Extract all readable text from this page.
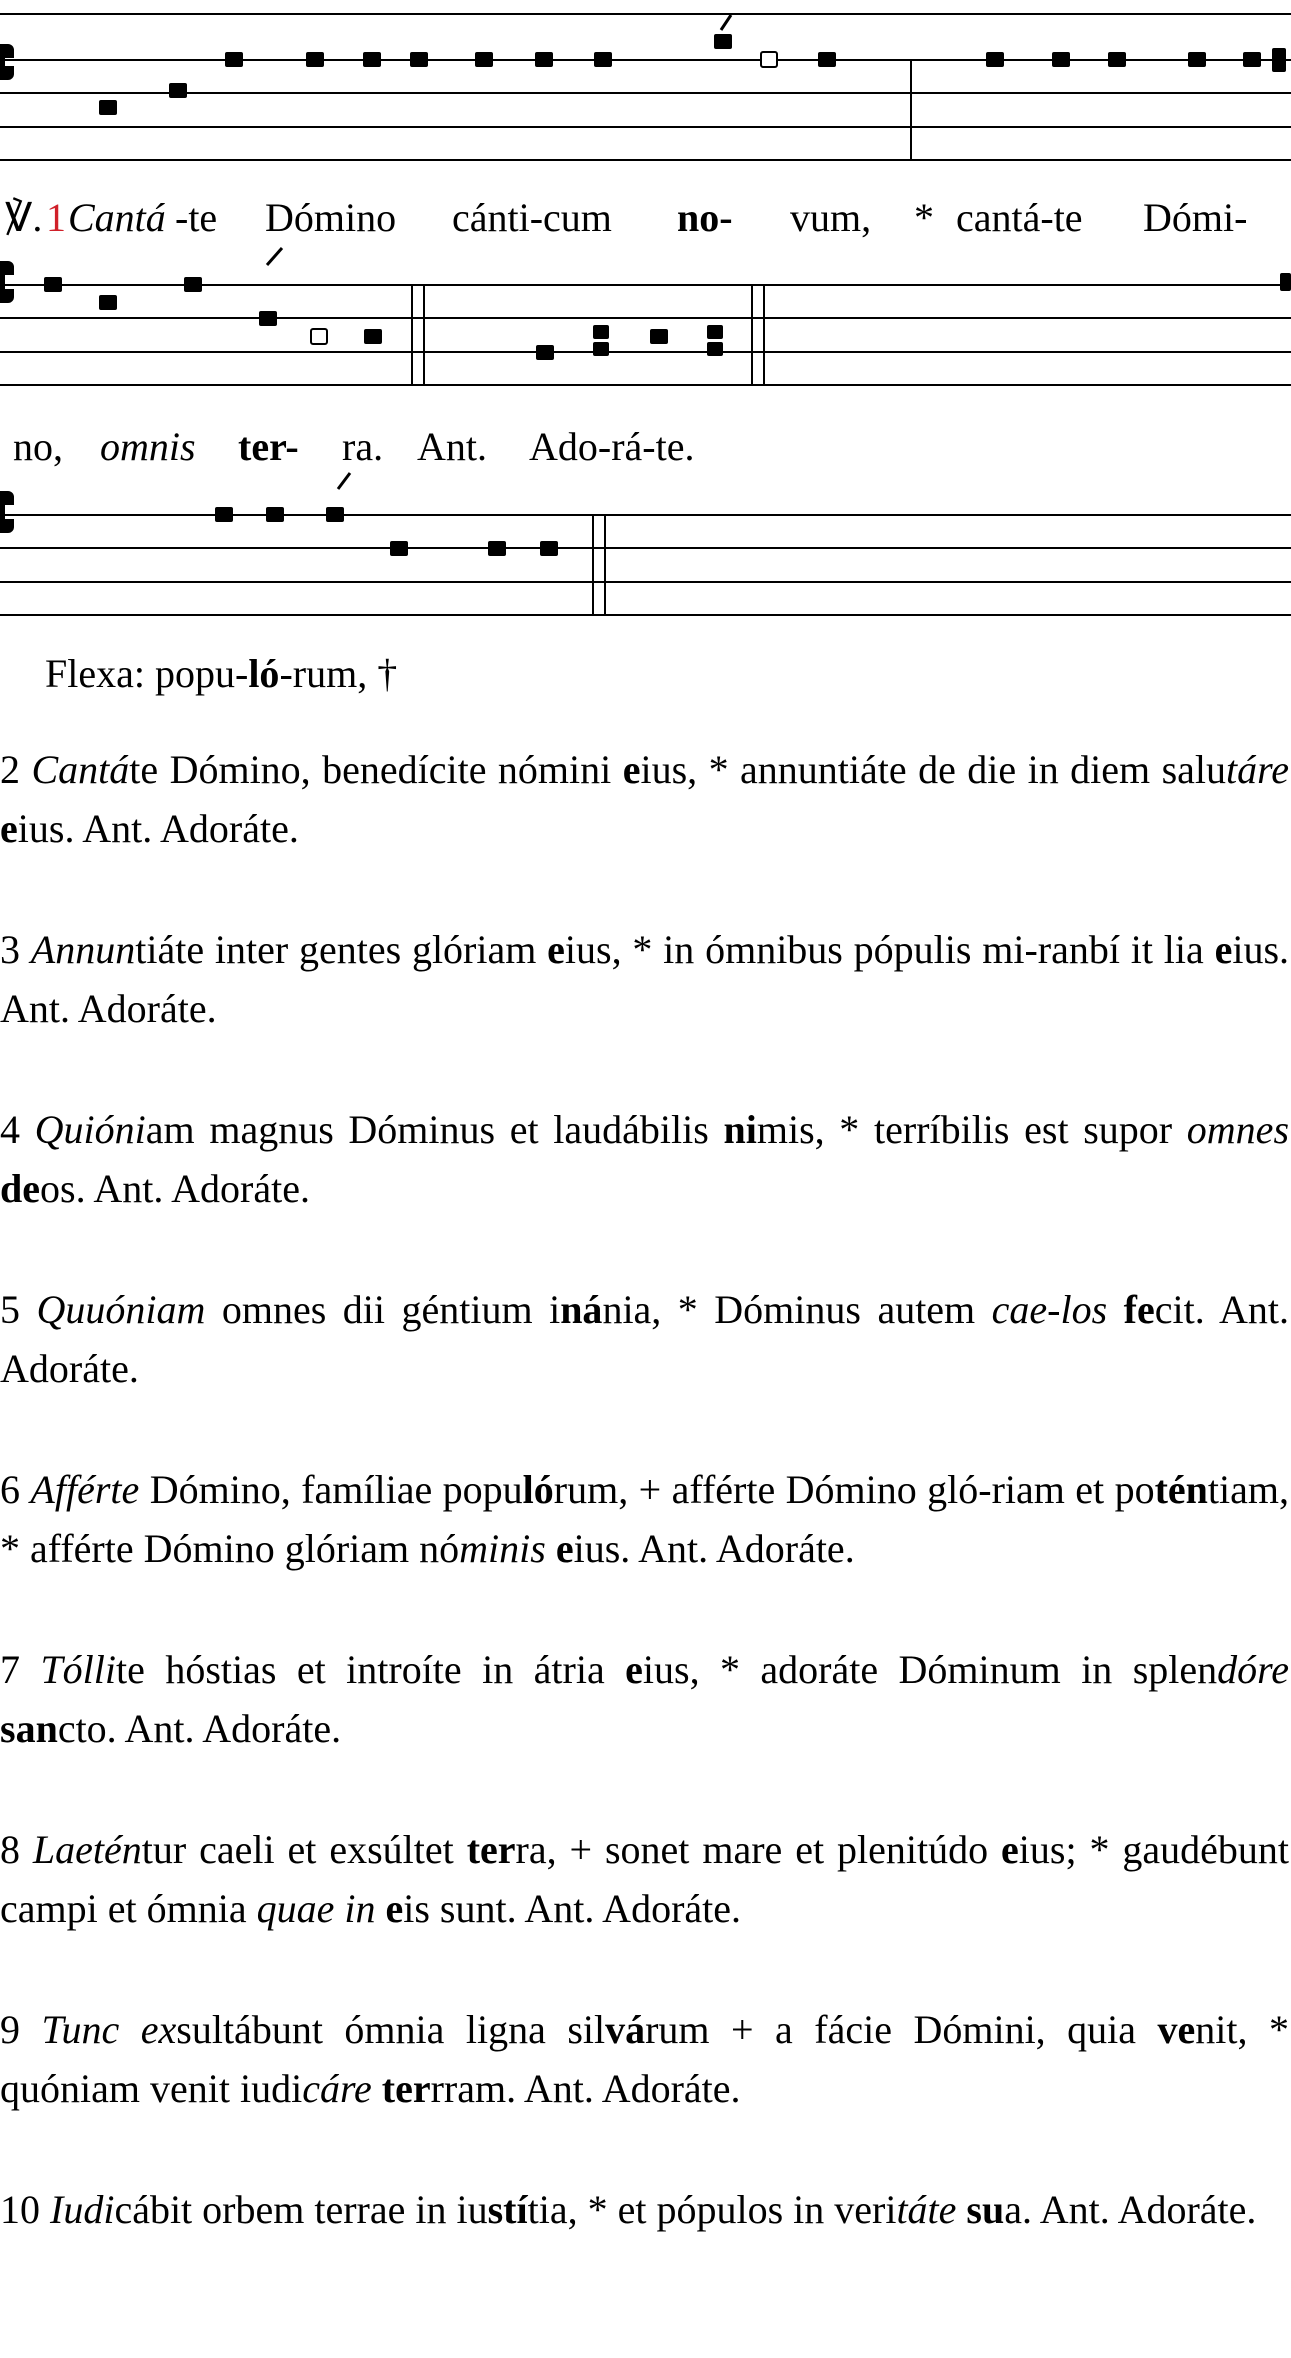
℣. 1 Cantá -te Dómino cánti-cum no- vum, * cantá-te Dómi-
no, omnis ter- ra. Ant. Ado-rá-te.
Flexa: popu-ló-rum, †
2 Cantáte Dómino, benedícite nómini eius, * annuntiáte de die in diem salutáre eius. Ant. Adoráte.
3 Annuntiáte inter gentes glóriam eius, * in ómnibus pópulis mi-ranbí it lia eius. Ant. Adoráte.
4 Quióniam magnus Dóminus et laudábilis nimis, * terríbilis est supor omnes deos. Ant. Adoráte.
5 Quuóniam omnes dii géntium inánia, * Dóminus autem cae-los fecit. Ant. Adoráte.
6 Afférte Dómino, famíliae populórum, + afférte Dómino gló-riam et poténtiam, * afférte Dómino glóriam nóminis eius. Ant. Adoráte.
7 Tóllite hóstias et introíte in átria eius, * adoráte Dóminum in splendóre sancto. Ant. Adoráte.
8 Laeténtur caeli et exsúltet terra, + sonet mare et plenitúdo eius; * gaudébunt campi et ómnia quae in eis sunt. Ant. Adoráte.
9 Tunc exsultábunt ómnia ligna silvárum + a fácie Dómini, quia venit, * quóniam venit iudicáre terrram. Ant. Adoráte.
10 Iudicábit orbem terrae in iustítia, * et pópulos in veritáte sua. Ant. Adoráte.
